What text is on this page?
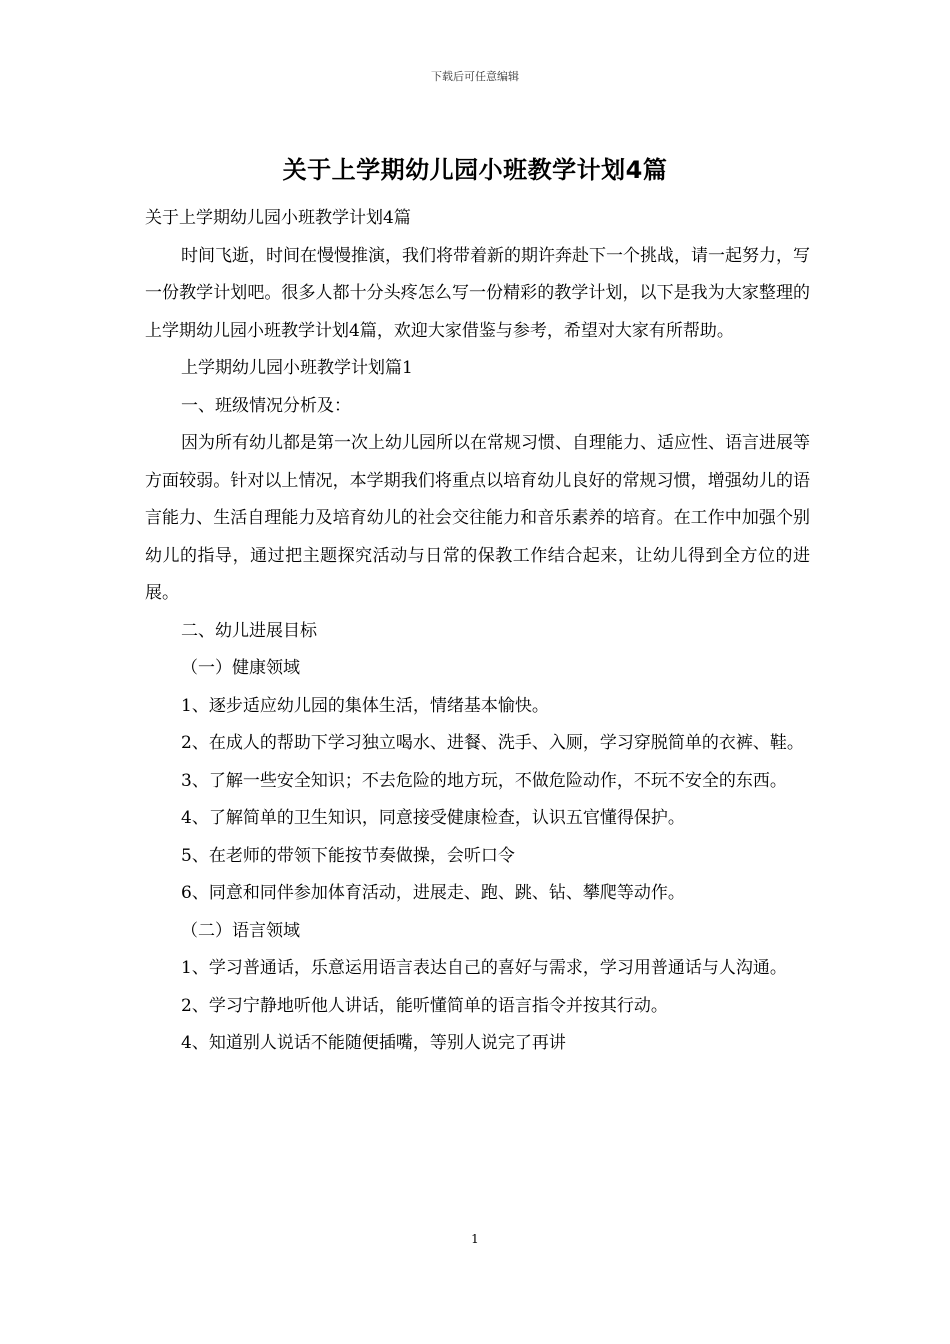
下载后可任意编辑
关于上学期幼儿园小班教学计划4篇

关于上学期幼儿园小班教学计划4篇

时间飞逝，时间在慢慢推演，我们将带着新的期许奔赴下一个挑战，请一起努力，写一份教学计划吧。很多人都十分头疼怎么写一份精彩的教学计划，以下是我为大家整理的上学期幼儿园小班教学计划4篇，欢迎大家借鉴与参考，希望对大家有所帮助。

上学期幼儿园小班教学计划篇1

一、班级情况分析及：

因为所有幼儿都是第一次上幼儿园所以在常规习惯、自理能力、适应性、语言进展等方面较弱。针对以上情况，本学期我们将重点以培育幼儿良好的常规习惯，增强幼儿的语言能力、生活自理能力及培育幼儿的社会交往能力和音乐素养的培育。在工作中加强个别幼儿的指导，通过把主题探究活动与日常的保教工作结合起来，让幼儿得到全方位的进展。

二、幼儿进展目标

（一）健康领域

1、逐步适应幼儿园的集体生活，情绪基本愉快。

2、在成人的帮助下学习独立喝水、进餐、洗手、入厕，学习穿脱简单的衣裤、鞋。

3、了解一些安全知识；不去危险的地方玩，不做危险动作，不玩不安全的东西。

4、了解简单的卫生知识，同意接受健康检查，认识五官懂得保护。

5、在老师的带领下能按节奏做操，会听口令

6、同意和同伴参加体育活动，进展走、跑、跳、钻、攀爬等动作。

（二）语言领域

1、学习普通话，乐意运用语言表达自己的喜好与需求，学习用普通话与人沟通。

2、学习宁静地听他人讲话，能听懂简单的语言指令并按其行动。

4、知道别人说话不能随便插嘴，等别人说完了再讲

1
